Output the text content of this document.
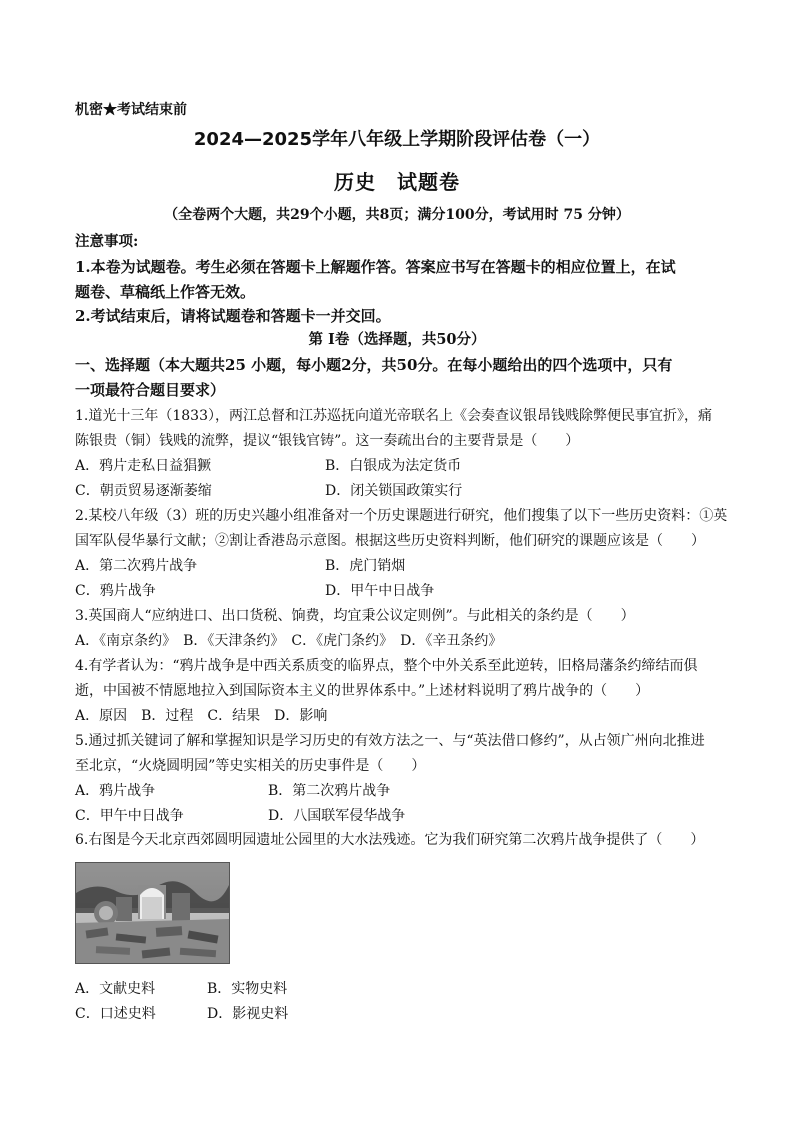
机密★考试结束前
2024—2025学年八年级上学期阶段评估卷（一）
历史　试题卷
（全卷两个大题，共29个小题，共8页；满分100分，考试用时 75 分钟）
注意事项:
1.本卷为试题卷。考生必须在答题卡上解题作答。答案应书写在答题卡的相应位置上，在试
题卷、草稿纸上作答无效。
2.考试结束后，请将试题卷和答题卡一并交回。
第 Ⅰ卷（选择题，共50分）
一、选择题（本大题共25 小题，每小题2分，共50分。在每小题给出的四个选项中，只有
一项最符合题目要求）
1.道光十三年（1833），两江总督和江苏巡抚向道光帝联名上《会奏查议银昂钱贱除弊便民事宜折》，痛
陈银贵（铜）钱贱的流弊，提议“银钱官铸”。这一奏疏出台的主要背景是（　　）
A．鸦片走私日益猖獗	B．白银成为法定货币
C．朝贡贸易逐渐萎缩	D．闭关锁国政策实行
2.某校八年级（3）班的历史兴趣小组准备对一个历史课题进行研究，他们搜集了以下一些历史资料：①英
国军队侵华暴行文献；②割让香港岛示意图。根据这些历史资料判断，他们研究的课题应该是（　　）
A．第二次鸦片战争	B．虎门销烟
C．鸦片战争	D．甲午中日战争
3.英国商人“应纳进口、出口货税、饷费，均宜秉公议定则例”。与此相关的条约是（　　）
A．《南京条约》　B．《天津条约》　C．《虎门条约》　D．《辛丑条约》
4.有学者认为：“鸦片战争是中西关系质变的临界点，整个中外关系至此逆转，旧格局藩条约缔结而俱
逝，中国被不情愿地拉入到国际资本主义的世界体系中。”上述材料说明了鸦片战争的（　　）
A．原因　B．过程　C．结果　D．影响
5.通过抓关键词了解和掌握知识是学习历史的有效方法之一、与“英法借口修约”，从占领广州向北推进
至北京，“火烧圆明园”等史实相关的历史事件是（　　）
A．鸦片战争	B．第二次鸦片战争
C．甲午中日战争	D．八国联军侵华战争
6.右图是今天北京西郊圆明园遗址公园里的大水法残迹。它为我们研究第二次鸦片战争提供了（　　）
A．文献史料	B．实物史料
C．口述史料	D．影视史料
